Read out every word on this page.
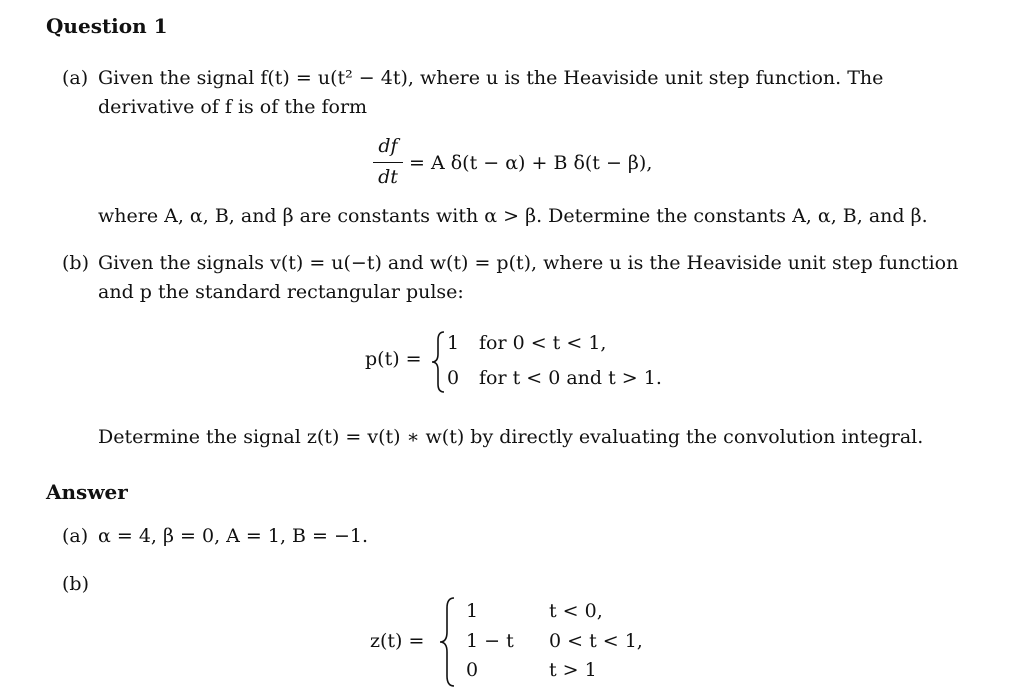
Question 1
(a) Given the signal f(t) = u(t² − 4t), where u is the Heaviside unit step function. The
derivative of f is of the form
df
dt
= A δ(t − α) + B δ(t − β),
where A, α, B, and β are constants with α > β. Determine the constants A, α, B, and β.
(b) Given the signals v(t) = u(−t) and w(t) = p(t), where u is the Heaviside unit step function
and p the standard rectangular pulse:
p(t) =
1 for 0 < t < 1,
0 for t < 0 and t > 1.
Determine the signal z(t) = v(t) ∗ w(t) by directly evaluating the convolution integral.
Answer
(a) α = 4, β = 0, A = 1, B = −1.
(b)
z(t) =
1	t < 0,
1 − t 0 < t < 1,
0	t > 1
